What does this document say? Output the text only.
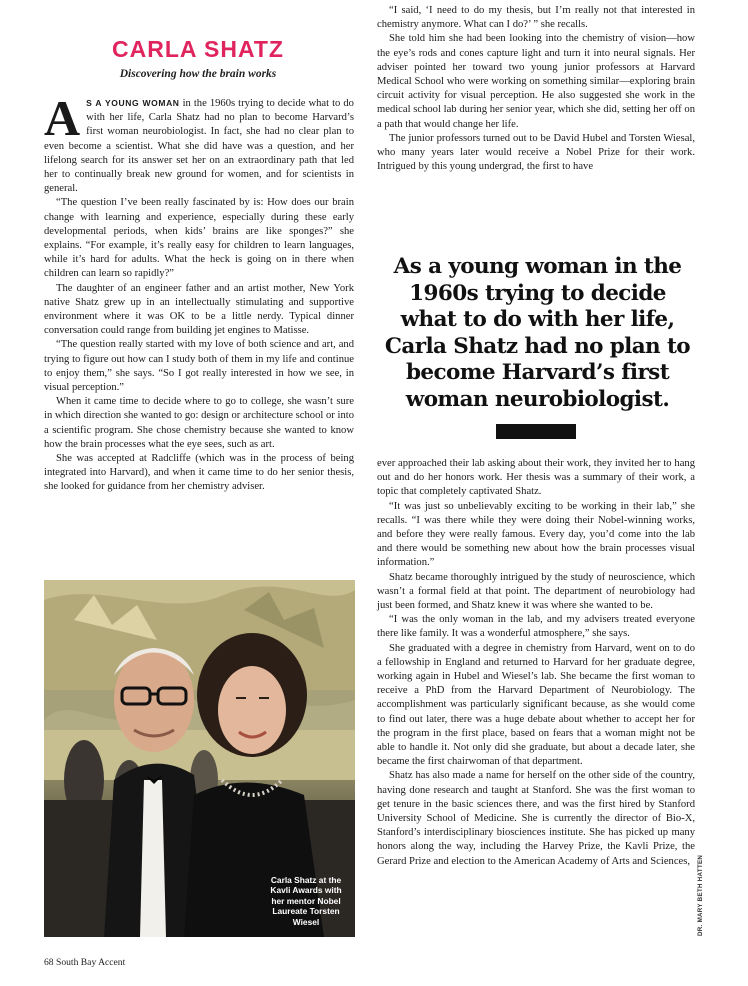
CARLA SHATZ
Discovering how the brain works

A S A YOUNG WOMAN in the 1960s trying to decide what to do with her life, Carla Shatz had no plan to become Harvard’s first woman neurobiologist. In fact, she had no clear plan to even become a scientist. What she did have was a question, and her lifelong search for its answer set her on an extraordinary path that led her to continually break new ground for women, and for scientists in general.

“The question I’ve been really fascinated by is: How does our brain change with learning and experience, especially during these early developmental periods, when kids’ brains are like sponges?” she explains. “For example, it’s really easy for children to learn languages, while it’s hard for adults. What the heck is going on in there when children can learn so rapidly?”

The daughter of an engineer father and an artist mother, New York native Shatz grew up in an intellectually stimulating and supportive environment where it was OK to be a little nerdy. Typical dinner conversation could range from building jet engines to Matisse.

“The question really started with my love of both science and art, and trying to figure out how can I study both of them in my life and continue to enjoy them,” she says. “So I got really interested in how we see, in visual perception.”

When it came time to decide where to go to college, she wasn’t sure in which direction she wanted to go: design or architecture school or into a scientific program. She chose chemistry because she wanted to know how the brain processes what the eye sees, such as art.

She was accepted at Radcliffe (which was in the process of being integrated into Harvard), and when it came time to do her senior thesis, she looked for guidance from her chemistry adviser.

“I said, ‘I need to do my thesis, but I’m really not that interested in chemistry anymore. What can I do?’ ” she recalls.

She told him she had been looking into the chemistry of vision—how the eye’s rods and cones capture light and turn it into neural signals. Her adviser pointed her toward two young junior professors at Harvard Medical School who were working on something similar—exploring brain circuit activity for visual perception. He also suggested she work in the medical school lab during her senior year, which she did, setting her off on a path that would change her life.

The junior professors turned out to be David Hubel and Torsten Wiesal, who many years later would receive a Nobel Prize for their work. Intrigued by this young undergrad, the first to have

As a young woman in the 1960s trying to decide what to do with her life, Carla Shatz had no plan to become Harvard’s first woman neurobiologist.

ever approached their lab asking about their work, they invited her to hang out and do her honors work. Her thesis was a summary of their work, a topic that completely captivated Shatz.

“It was just so unbelievably exciting to be working in their lab,” she recalls. “I was there while they were doing their Nobel-winning works, and before they were really famous. Every day, you’d come into the lab and there would be something new about how the brain processes visual information.”

Shatz became thoroughly intrigued by the study of neuroscience, which wasn’t a formal field at that point. The department of neurobiology had just been formed, and Shatz knew it was where she wanted to be.

“I was the only woman in the lab, and my advisers treated everyone there like family. It was a wonderful atmosphere,” she says.

She graduated with a degree in chemistry from Harvard, went on to do a fellowship in England and returned to Harvard for her graduate degree, working again in Hubel and Wiesel’s lab. She became the first woman to receive a PhD from the Harvard Department of Neurobiology. The accomplishment was particularly significant because, as she would come to find out later, there was a huge debate about whether to accept her for the program in the first place, based on fears that a woman might not be able to handle it. Not only did she graduate, but about a decade later, she became the first chairwoman of that department.

Shatz has also made a name for herself on the other side of the country, having done research and taught at Stanford. She was the first woman to get tenure in the basic sciences there, and was the first hired by Stanford University School of Medicine. She is currently the director of Bio-X, Stanford’s interdisciplinary biosciences institute. She has picked up many honors along the way, including the Harvey Prize, the Kavli Prize, the Gerard Prize and election to the American Academy of Arts and Sciences,

Carla Shatz at the Kavli Awards with her mentor Nobel Laureate Torsten Wiesel	DR. MARY BETH HATTEN
68 South Bay Accent
